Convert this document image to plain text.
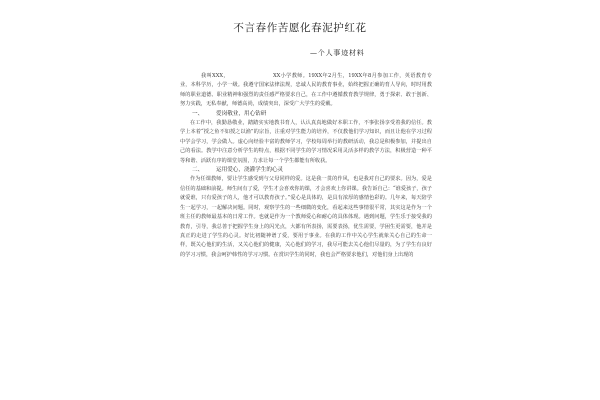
不言春作苦愿化春泥护红花
—个人事迹材料

我叫XXX，	XX小学教师。19XX年2月生，19XX年8月参加工作，英语教育专业，本科学历，小学一级。我遵守国家法律法规，忠诚人民的教育事业，始终把握正确的育人导向，时时用教师的职业道德、职业精神和强烈的责任感严格要求自己，在工作中遵循教育教学规律，勇于探索、敢于创新、努力实践，无私奉献，师德高尚，成绩突出，深受广大学生的爱戴。

一、 爱岗敬业，用心钻研

在工作中，我勤恳敬业，踏踏实实地教书育人，认认真真地做好本职工作，不事张扬享受着我的信任。教学上本着“授之鱼不如授之以渔”的宗旨，注重对学生能力的培养，不仅教他们学习知识，而且让他在学习过程中学会学习，学会做人。虚心向经验丰富的教师学习，学校每周举行的教研活动，我总是积极参加，并提出自己的看法。教学中注意分析学生的特点，根据不同学生的学习情况采用灵活多样的教学方法，积极营造一种平等和谐、活跃有序的课堂氛围，力求让每一个学生都能有所收获。

二、 运用爱心，浇灌学生的心灵

作为任课教师，要让学生感受到与父母同样的爱。这是我一贯的作风，也是我对自己的要求。因为，爱是信任的基础和前提。师生间有了爱，学生才会喜欢你的课，才会喜欢上你讲课。我告诉自己：“谁爱孩子，孩子就爱谁，只有爱孩子的人，他才可以教育孩子。”爱心是具体的，是具有浓厚的感情色彩的。几年来，每天陪学生一起学习，一起解决问题。同时，观察学生的一些细微的变化，看起来这些事情很平常，其实这是作为一个班主任的教师最基本的日常工作。也就是作为一个教师爱心和耐心的具体体现。遇到问题，学生乐于接受我的教育，引导，我总善于把握学生身上的闪光点，大都有所表扬，需要表扬，优生需要，学困生更需要，他并是真正的走进了学生的心灵。好比初随神谱了爱，要用于事业。在我的工作中关心学生就象关心自己的生命一样，既关心他们的生活，又关心他们的健康，关心他们的学习，我尽可能去关心他们尽量的，为了学生有良好的学习习惯，我会呵护韩性的学习习惯。在赏识学生的同时，我也会严格要求他们，对他们身上出现的
